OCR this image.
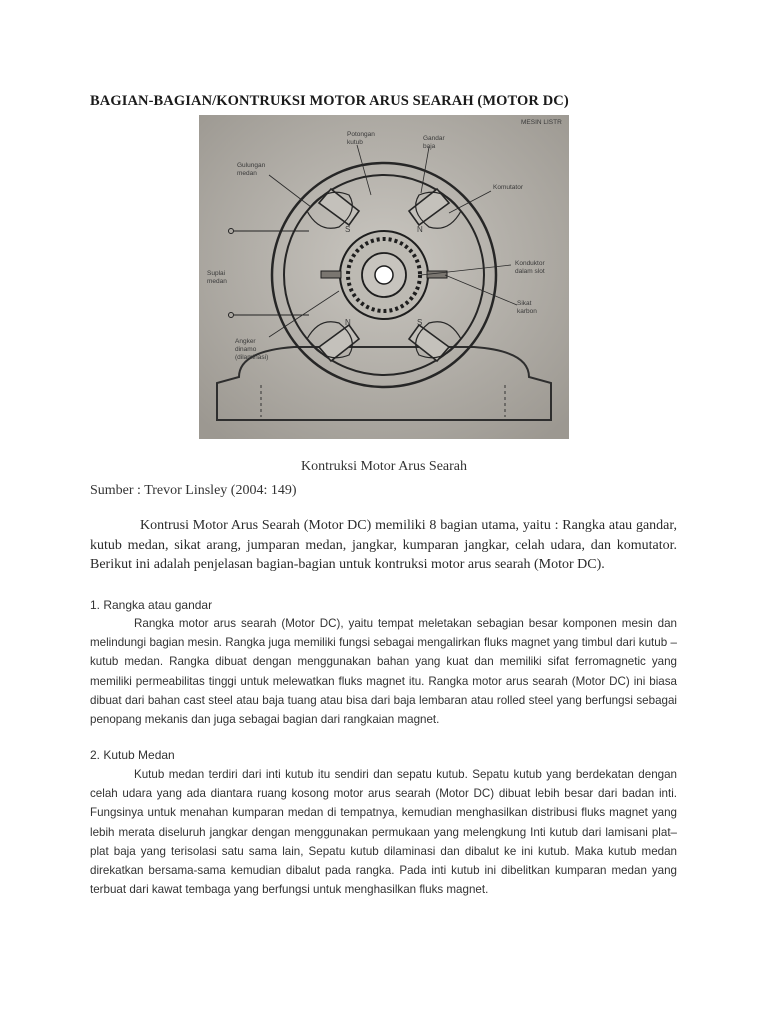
BAGIAN-BAGIAN/KONTRUKSI MOTOR ARUS SEARAH (MOTOR DC)
MESIN LISTR
S	N
N	S
Potongan kutub
Gandar baja
Gulungan medan
Komutator
Suplai medan
Konduktor dalam slot
Sikat karbon
Angker dinamo (dilaminasi)
Kontruksi Motor Arus Searah
Sumber : Trevor Linsley (2004: 149)

Kontrusi Motor Arus Searah (Motor DC) memiliki 8 bagian utama, yaitu : Rangka atau gandar, kutub medan, sikat arang, jumparan medan, jangkar, kumparan jangkar, celah udara, dan komutator. Berikut ini adalah penjelasan bagian-bagian untuk kontruksi motor arus searah (Motor DC).

1. Rangka atau gandar

Rangka motor arus searah (Motor DC), yaitu tempat meletakan sebagian besar komponen mesin dan melindungi bagian mesin. Rangka juga memiliki fungsi sebagai mengalirkan fluks magnet yang timbul dari kutub – kutub medan. Rangka dibuat dengan menggunakan bahan yang kuat dan memiliki sifat ferromagnetic yang memiliki permeabilitas tinggi untuk melewatkan fluks magnet itu. Rangka motor arus searah (Motor DC) ini biasa dibuat dari bahan cast steel atau baja tuang atau bisa dari baja lembaran atau rolled steel yang berfungsi sebagai penopang mekanis dan juga sebagai bagian dari rangkaian magnet.

2. Kutub Medan

Kutub medan terdiri dari inti kutub itu sendiri dan sepatu kutub. Sepatu kutub yang berdekatan dengan celah udara yang ada diantara ruang kosong motor arus searah (Motor DC) dibuat lebih besar dari badan inti. Fungsinya untuk menahan kumparan medan di tempatnya, kemudian menghasilkan distribusi fluks magnet yang lebih merata diseluruh jangkar dengan menggunakan permukaan yang melengkung Inti kutub dari lamisani plat–plat baja yang terisolasi satu sama lain, Sepatu kutub dilaminasi dan dibalut ke ini kutub. Maka kutub medan direkatkan bersama-sama kemudian dibalut pada rangka. Pada inti kutub ini dibelitkan kumparan medan yang terbuat dari kawat tembaga yang berfungsi untuk menghasilkan fluks magnet.
